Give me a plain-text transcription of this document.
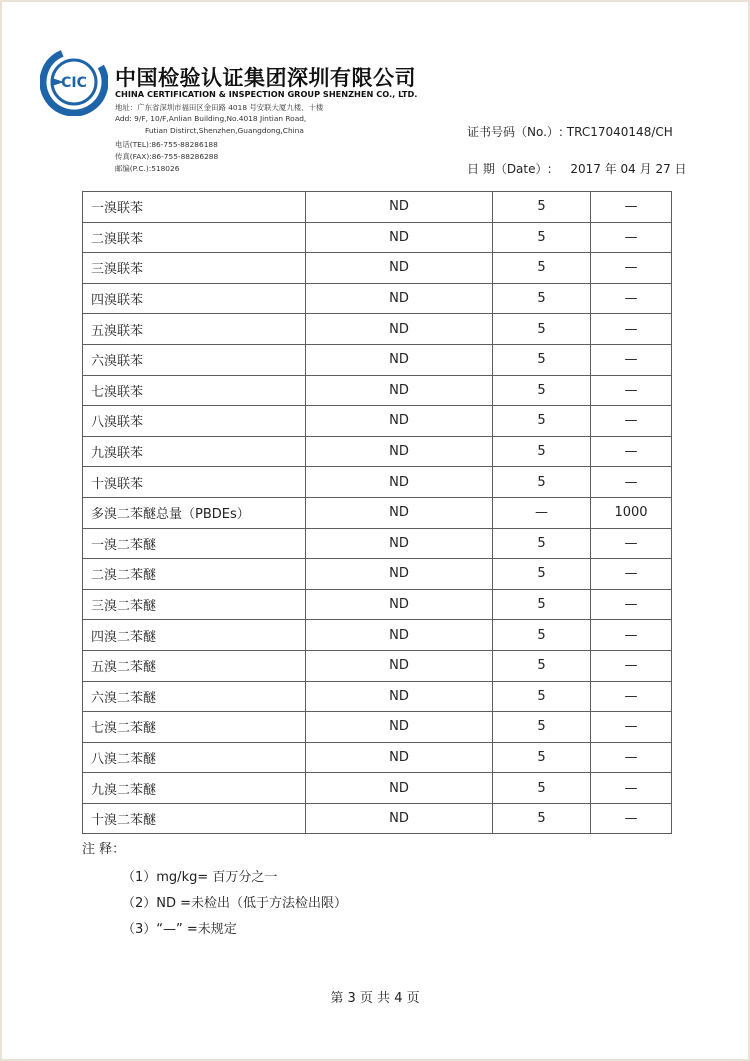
CIC 中国检验认证集团深圳有限公司
CHINA CERTIFICATION & INSPECTION GROUP SHENZHEN CO., LTD.
地址：广东省深圳市福田区金田路 4018 号安联大厦九楼、十楼
Add: 9/F, 10/F,Anlian Building,No.4018 Jintian Road,
Futian Distirct,Shenzhen,Guangdong,China
电话(TEL):86-755-88286188
传真(FAX):86-755-88286288
邮编(P.C.):518026
证书号码（No.）: TRC17040148/CH
日 期（Date）: 2017 年 04 月 27 日
一溴联苯	ND	5	—
二溴联苯	ND	5	—
三溴联苯	ND	5	—
四溴联苯	ND	5	—
五溴联苯	ND	5	—
六溴联苯	ND	5	—
七溴联苯	ND	5	—
八溴联苯	ND	5	—
九溴联苯	ND	5	—
十溴联苯	ND	5	—
多溴二苯醚总量（PBDEs）	ND	—	1000
一溴二苯醚	ND	5	—
二溴二苯醚	ND	5	—
三溴二苯醚	ND	5	—
四溴二苯醚	ND	5	—
五溴二苯醚	ND	5	—
六溴二苯醚	ND	5	—
七溴二苯醚	ND	5	—
八溴二苯醚	ND	5	—
九溴二苯醚	ND	5	—
十溴二苯醚	ND	5	—
注 释：
（1）mg/kg= 百万分之一
（2）ND =未检出（低于方法检出限）
（3）“—” =未规定
第 3 页 共 4 页
